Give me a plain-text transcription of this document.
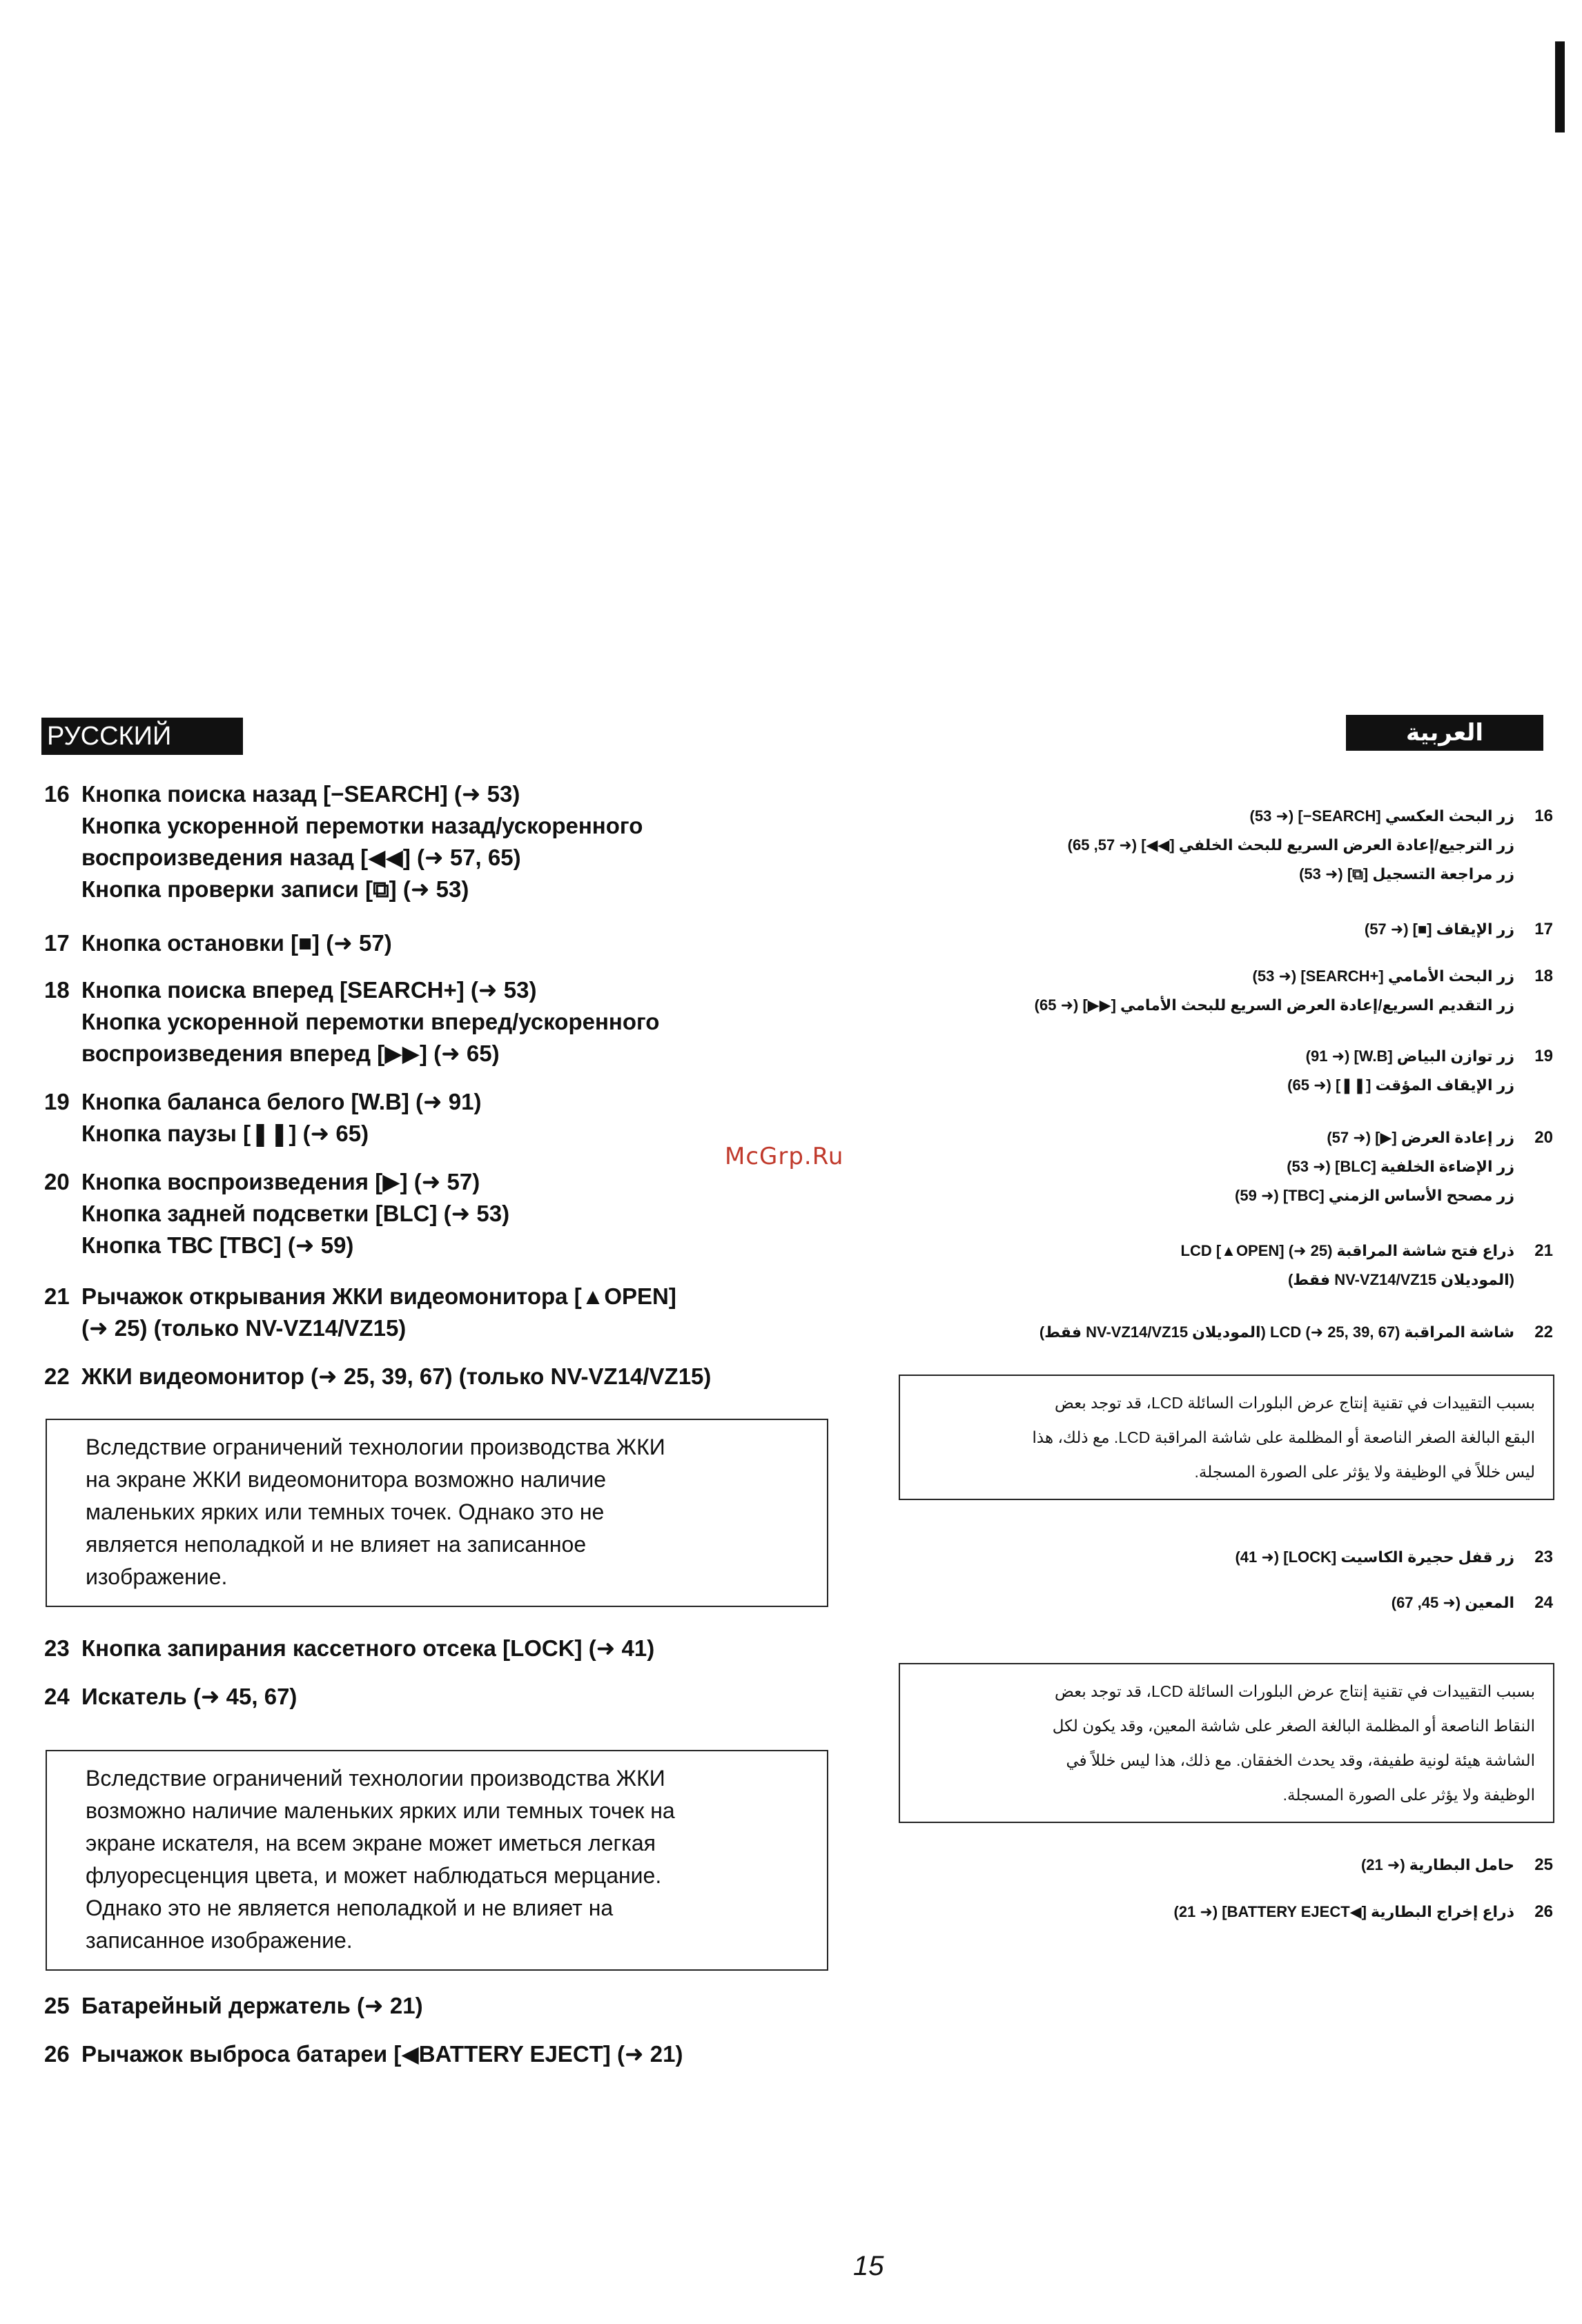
РУССКИЙ ЯЗЫК
العربية
16 Кнопка поиска назад [−SEARCH] (➜ 53)
Кнопка ускоренной перемотки назад/ускоренного
воспроизведения назад [◀◀] (➜ 57, 65)
Кнопка проверки записи [⧉] (➜ 53)
17 Кнопка остановки [■] (➜ 57)
18 Кнопка поиска вперед [SEARCH+] (➜ 53)
Кнопка ускоренной перемотки вперед/ускоренного
воспроизведения вперед [▶▶] (➜ 65)
19 Кнопка баланса белого [W.B] (➜ 91)
Кнопка паузы [❚❚] (➜ 65)
20 Кнопка воспроизведения [▶] (➜ 57)
Кнопка задней подсветки [BLC] (➜ 53)
Кнопка ТВС [TBC] (➜ 59)
21 Рычажок открывания ЖКИ видеомонитора [▲OPEN]
(➜ 25) (только NV-VZ14/VZ15)
22 ЖКИ видеомонитор (➜ 25, 39, 67) (только NV-VZ14/VZ15)
Вследствие ограничений технологии производства ЖКИ
на экране ЖКИ видеомонитора возможно наличие
маленьких ярких или темных точек. Однако это не
является неполадкой и не влияет на записанное
изображение.
23 Кнопка запирания кассетного отсека [LOCK] (➜ 41)
24 Искатель (➜ 45, 67)
Вследствие ограничений технологии производства ЖКИ
возможно наличие маленьких ярких или темных точек на
экране искателя, на всем экране может иметься легкая
флуоресценция цвета, и может наблюдаться мерцание.
Однако это не является неполадкой и не влияет на
записанное изображение.
25 Батарейный держатель (➜ 21)
26 Рычажок выброса батареи [◀BATTERY EJECT] (➜ 21)
McGrp.Ru
16
زر البحث العكسي [SEARCH−] (➜ 53)
زر الترجيع/إعادة العرض السريع للبحث الخلفي [◀◀] (➜ 57, 65)
زر مراجعة التسجيل [⧉] (➜ 53)
17
زر الإيقاف [■] (➜ 57)
18
زر البحث الأمامي [+SEARCH] (➜ 53)
زر التقديم السريع/إعادة العرض السريع للبحث الأمامي [▶▶] (➜ 65)
19
زر توازن البياض [W.B] (➜ 91)
زر الإيقاف المؤقت [❚❚] (➜ 65)
20
زر إعادة العرض [▶] (➜ 57)
زر الإضاءة الخلفية [BLC] (➜ 53)
زر مصحح الأساس الزمني [TBC] (➜ 59)
21
ذراع فتح شاشة المراقبة LCD [▲OPEN] (➜ 25)
(الموديلان NV-VZ14/VZ15 فقط)
22
شاشة المراقبة LCD (➜ 25, 39, 67) (الموديلان NV-VZ14/VZ15 فقط)
بسبب التقييدات في تقنية إنتاج عرض البلورات السائلة LCD، قد توجد بعض
البقع البالغة الصغر الناصعة أو المظلمة على شاشة المراقبة LCD. مع ذلك، هذا
ليس خللاً في الوظيفة ولا يؤثر على الصورة المسجلة.
23
زر قفل حجيرة الكاسيت [LOCK] (➜ 41)
24
المعين (➜ 45, 67)
بسبب التقييدات في تقنية إنتاج عرض البلورات السائلة LCD، قد توجد بعض
النقاط الناصعة أو المظلمة البالغة الصغر على شاشة المعين، وقد يكون لكل
الشاشة هيئة لونية طفيفة، وقد يحدث الخفقان. مع ذلك، هذا ليس خللاً في
الوظيفة ولا يؤثر على الصورة المسجلة.
25
حامل البطارية (➜ 21)
26
ذراع إخراج البطارية [◀BATTERY EJECT] (➜ 21)
15
